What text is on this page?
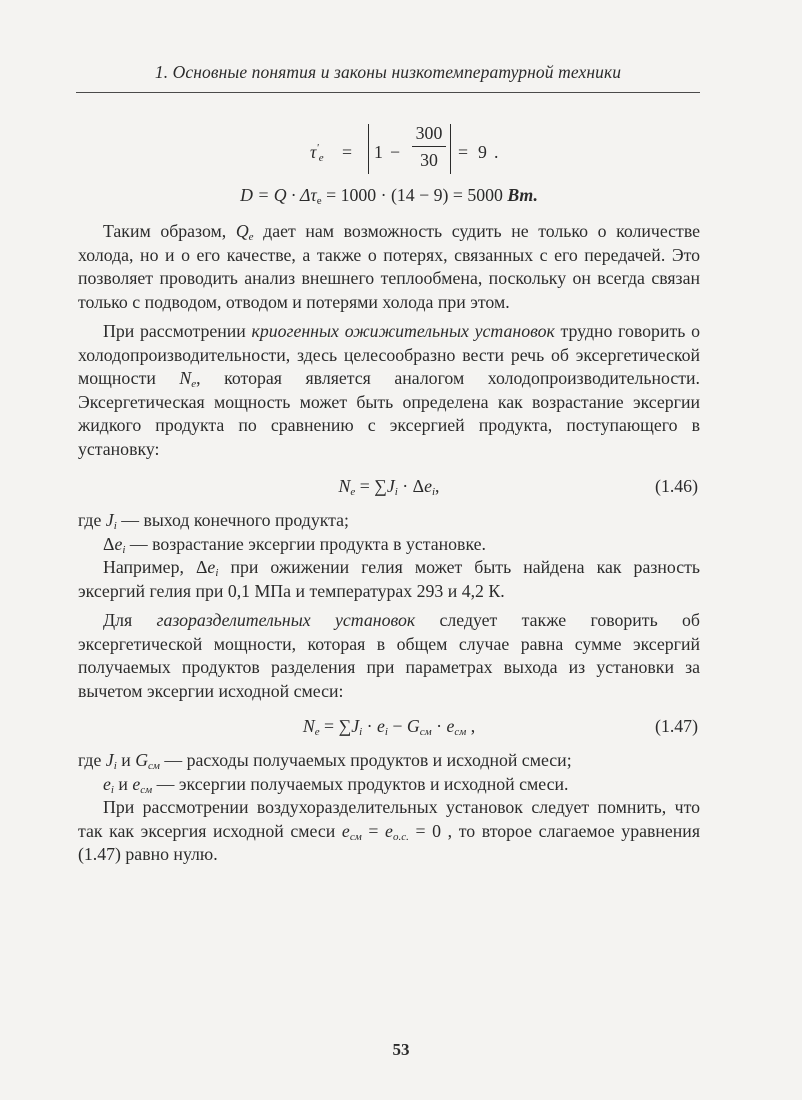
1. Основные понятия и законы низкотемпературной техники
$\tau'_e = 1$ −
300
30	= 9 .
$D = Q \cdot \Delta\tau_e = 1000 \cdot (14 - 9) = 5000$ Вт.

Таким образом, $Q_e$ дает нам возможность судить не только о количестве холода, но и о его качестве, а также о потерях, связанных с его передачей. Это позволяет проводить анализ внешнего теплообмена, поскольку он всегда связан только с подводом, отводом и потерями холода при этом.

При рассмотрении криогенных ожижительных установок трудно говорить о холодопроизводительности, здесь целесообразно вести речь об эксергетической мощности $N_e$, которая является аналогом холодопроизводительности. Эксергетическая мощность может быть определена как возрастание эксергии жидкого продукта по сравнению с эксергией продукта, поступающего в установку:

$N_e = \sum J_i \cdot \Delta e_i$,	(1.46)

где $J_i$ — выход конечного продукта;

$\Delta e_i$ — возрастание эксергии продукта в установке.

Например, $\Delta e_i$ при ожижении гелия может быть найдена как разность эксергий гелия при 0,1 МПа и температурах 293 и 4,2 К.

Для газоразделительных установок следует также говорить об эксергетической мощности, которая в общем случае равна сумме эксергий получаемых продуктов разделения при параметрах выхода из установки за вычетом эксергии исходной смеси:

$N_e = \sum J_i \cdot e_i - G_{см} \cdot e_{см}$ ,	(1.47)

где $J_i$ и $G_{см}$ — расходы получаемых продуктов и исходной смеси;

$e_i$ и $e_{см}$ — эксергии получаемых продуктов и исходной смеси.

При рассмотрении воздухоразделительных установок следует помнить, что так как эксергия исходной смеси $e_{см} = e_{о.с.} = 0$ , то второе слагаемое уравнения (1.47) равно нулю.

53
